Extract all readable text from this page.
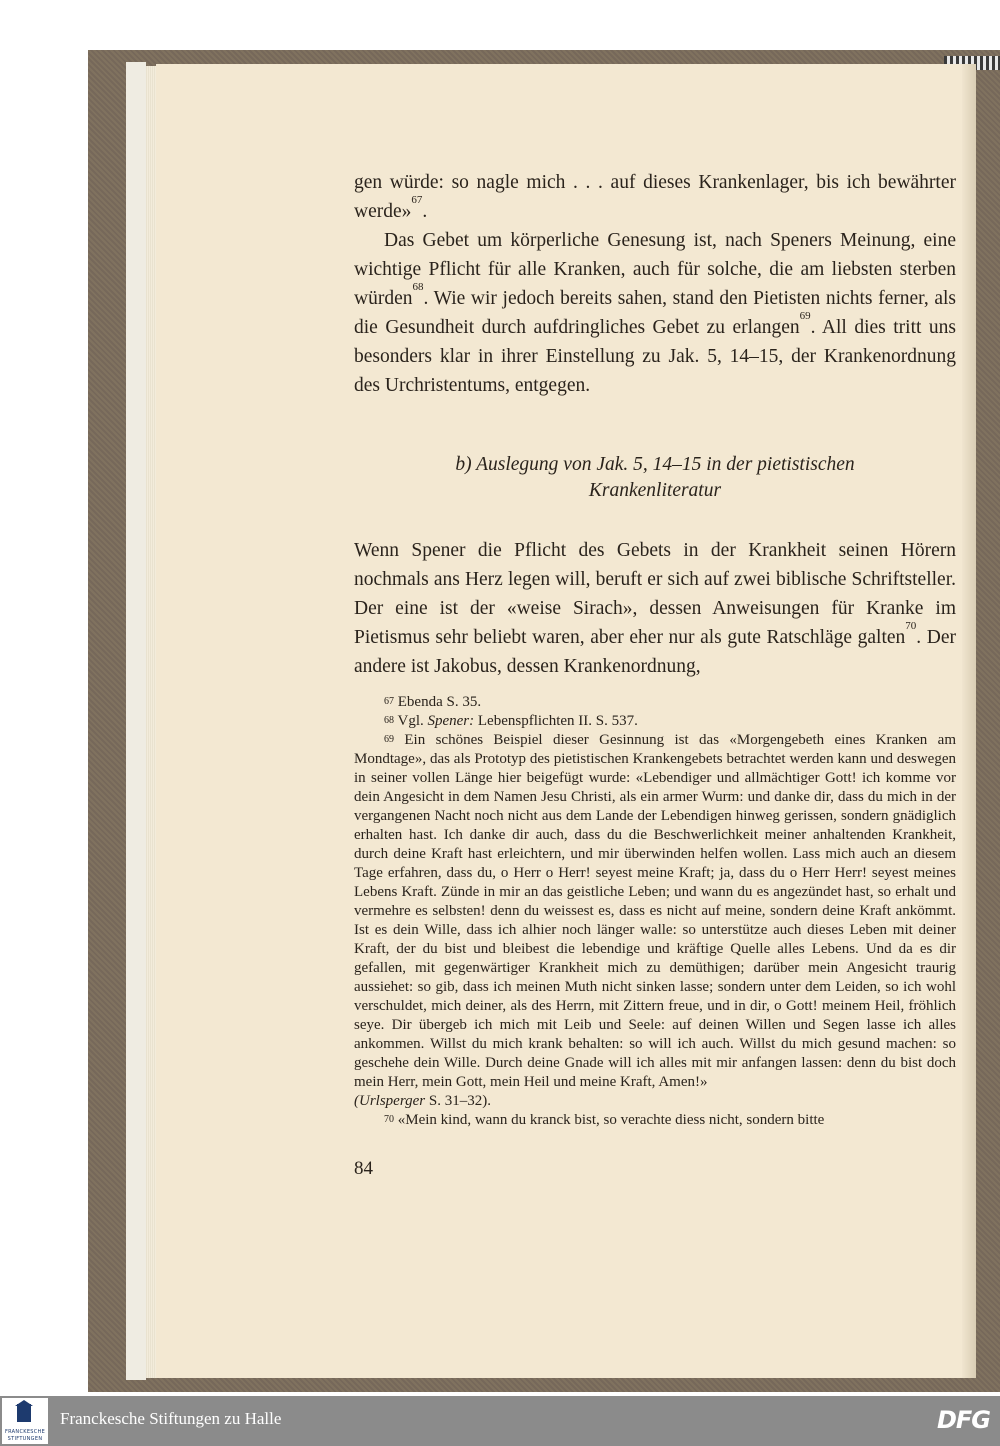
gen würde: so nagle mich . . . auf dieses Krankenlager, bis ich bewährter werde»$^{67}$.

Das Gebet um körperliche Genesung ist, nach Speners Meinung, eine wichtige Pflicht für alle Kranken, auch für solche, die am liebsten sterben würden$^{68}$. Wie wir jedoch bereits sahen, stand den Pietisten nichts ferner, als die Gesundheit durch aufdringliches Gebet zu erlangen$^{69}$. All dies tritt uns besonders klar in ihrer Einstellung zu Jak. 5, 14–15, der Krankenordnung des Urchristentums, entgegen.

b) Auslegung von Jak. 5, 14–15 in der pietistischen
Krankenliteratur

Wenn Spener die Pflicht des Gebets in der Krankheit seinen Hörern nochmals ans Herz legen will, beruft er sich auf zwei biblische Schriftsteller. Der eine ist der «weise Sirach», dessen Anweisungen für Kranke im Pietismus sehr beliebt waren, aber eher nur als gute Ratschläge galten$^{70}$. Der andere ist Jakobus, dessen Krankenordnung,

$^{67}$ Ebenda S. 35.

$^{68}$ Vgl. Spener: Lebenspflichten II. S. 537.

$^{69}$ Ein schönes Beispiel dieser Gesinnung ist das «Morgengebeth eines Kranken am Mondtage», das als Prototyp des pietistischen Krankengebets betrachtet werden kann und deswegen in seiner vollen Länge hier beigefügt wurde: «Lebendiger und allmächtiger Gott! ich komme vor dein Angesicht in dem Namen Jesu Christi, als ein armer Wurm: und danke dir, dass du mich in der vergangenen Nacht noch nicht aus dem Lande der Lebendigen hinweg gerissen, sondern gnädiglich erhalten hast. Ich danke dir auch, dass du die Beschwerlichkeit meiner anhaltenden Krankheit, durch deine Kraft hast erleichtern, und mir überwinden helfen wollen. Lass mich auch an diesem Tage erfahren, dass du, o Herr o Herr! seyest meine Kraft; ja, dass du o Herr Herr! seyest meines Lebens Kraft. Zünde in mir an das geistliche Leben; und wann du es angezündet hast, so erhalt und vermehre es selbsten! denn du weissest es, dass es nicht auf meine, sondern deine Kraft ankömmt. Ist es dein Wille, dass ich alhier noch länger walle: so unterstütze auch dieses Leben mit deiner Kraft, der du bist und bleibest die lebendige und kräftige Quelle alles Lebens. Und da es dir gefallen, mit gegenwärtiger Krankheit mich zu demüthigen; darüber mein Angesicht traurig aussiehet: so gib, dass ich meinen Muth nicht sinken lasse; sondern unter dem Leiden, so ich wohl verschuldet, mich deiner, als des Herrn, mit Zittern freue, und in dir, o Gott! meinem Heil, fröhlich seye. Dir übergeb ich mich mit Leib und Seele: auf deinen Willen und Segen lasse ich alles ankommen. Willst du mich krank behalten: so will ich auch. Willst du mich gesund machen: so geschehe dein Wille. Durch deine Gnade will ich alles mit mir anfangen lassen: denn du bist doch mein Herr, mein Gott, mein Heil und meine Kraft, Amen!»
(Urlsperger S. 31–32).

$^{70}$ «Mein kind, wann du kranck bist, so verachte diess nicht, sondern bitte

84
FRANCKESCHE
STIFTUNGEN
Franckesche Stiftungen zu Halle	DFG
